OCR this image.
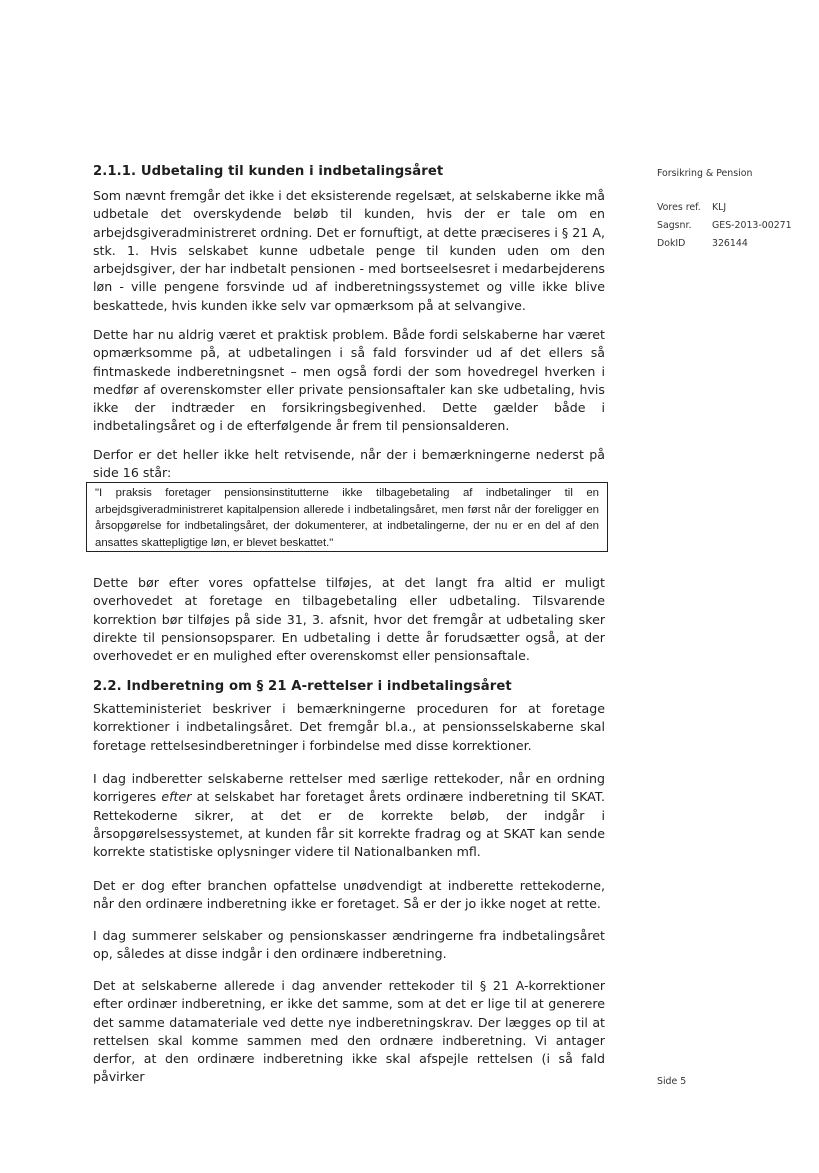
2.1.1. Udbetaling til kunden i indbetalingsåret

Som nævnt fremgår det ikke i det eksisterende regelsæt, at selskaberne ikke må udbetale det overskydende beløb til kunden, hvis der er tale om en arbejdsgiveradministreret ordning. Det er fornuftigt, at dette præciseres i § 21 A, stk. 1. Hvis selskabet kunne udbetale penge til kunden uden om den arbejdsgiver, der har indbetalt pensionen - med bortseelsesret i medarbejderens løn - ville pengene forsvinde ud af indberetningssystemet og ville ikke blive beskattede, hvis kunden ikke selv var opmærksom på at selvangive.

Dette har nu aldrig været et praktisk problem. Både fordi selskaberne har været opmærksomme på, at udbetalingen i så fald forsvinder ud af det ellers så fintmaskede indberetningsnet – men også fordi der som hovedregel hverken i medfør af overenskomster eller private pensionsaftaler kan ske udbetaling, hvis ikke der indtræder en forsikringsbegivenhed. Dette gælder både i indbetalingsåret og i de efterfølgende år frem til pensionsalderen.

Derfor er det heller ikke helt retvisende, når der i bemærkningerne nederst på side 16 står:

"I praksis foretager pensionsinstitutterne ikke tilbagebetaling af indbetalinger til en arbejdsgiveradministreret kapitalpension allerede i indbetalingsåret, men først når der foreligger en årsopgørelse for indbetalingsåret, der dokumenterer, at indbetalingerne, der nu er en del af den ansattes skattepligtige løn, er blevet beskattet."

Dette bør efter vores opfattelse tilføjes, at det langt fra altid er muligt overhovedet at foretage en tilbagebetaling eller udbetaling. Tilsvarende korrektion bør tilføjes på side 31, 3. afsnit, hvor det fremgår at udbetaling sker direkte til pensionsopsparer. En udbetaling i dette år forudsætter også, at der overhovedet er en mulighed efter overenskomst eller pensionsaftale.

2.2. Indberetning om § 21 A-rettelser i indbetalingsåret

Skatteministeriet beskriver i bemærkningerne proceduren for at foretage korrektioner i indbetalingsåret. Det fremgår bl.a., at pensionsselskaberne skal foretage rettelsesindberetninger i forbindelse med disse korrektioner.

I dag indberetter selskaberne rettelser med særlige rettekoder, når en ordning korrigeres efter at selskabet har foretaget årets ordinære indberetning til SKAT. Rettekoderne sikrer, at det er de korrekte beløb, der indgår i årsopgørelsessystemet, at kunden får sit korrekte fradrag og at SKAT kan sende korrekte statistiske oplysninger videre til Nationalbanken mfl.

Det er dog efter branchen opfattelse unødvendigt at indberette rettekoderne, når den ordinære indberetning ikke er foretaget. Så er der jo ikke noget at rette.

I dag summerer selskaber og pensionskasser ændringerne fra indbetalingsåret op, således at disse indgår i den ordinære indberetning.

Det at selskaberne allerede i dag anvender rettekoder til § 21 A-korrektioner efter ordinær indberetning, er ikke det samme, som at det er lige til at generere det samme datamateriale ved dette nye indberetningskrav. Der lægges op til at rettelsen skal komme sammen med den ordnære indberetning. Vi antager derfor, at den ordinære indberetning ikke skal afspejle rettelsen (i så fald påvirker

Forsikring & Pension
Vores ref. KLJ
Sagsnr. GES-2013-00271
DokID	326144
Side 5
